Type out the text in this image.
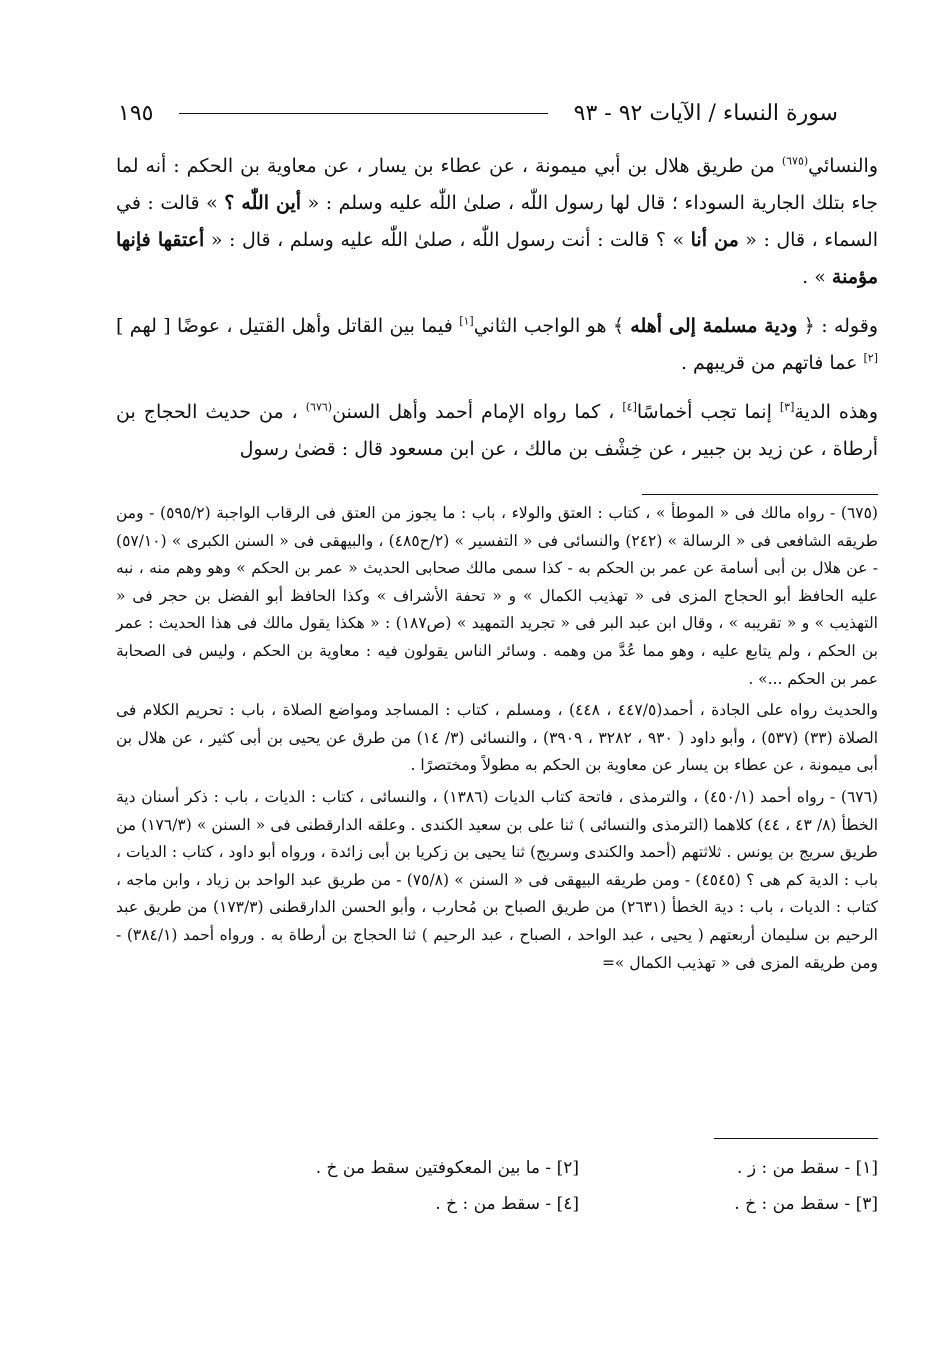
سورة النساء / الآيات ٩٢ - ٩٣
١٩٥

والنسائي$^{(٦٧٥)}$ من طريق هلال بن أبي ميمونة ، عن عطاء بن يسار ، عن معاوية بن الحكم : أنه لما جاء بتلك الجارية السوداء ؛ قال لها رسول اللّٰه ، صلىٰ اللّٰه عليه وسلم : « أين اللّٰه ؟ » قالت : في السماء ، قال : « من أنا » ؟ قالت : أنت رسول اللّٰه ، صلىٰ اللّٰه عليه وسلم ، قال : « أعتقها فإنها مؤمنة » .

وقوله : ﴿ ودية مسلمة إلى أهله ﴾ هو الواجب الثاني[١] فيما بين القاتل وأهل القتيل ، عوضًا [ لهم ][٢] عما فاتهم من قريبهم .

وهذه الدية[٣] إنما تجب أخماسًا[٤] ، كما رواه الإمام أحمد وأهل السنن$^{(٦٧٦)}$ ، من حديث الحجاج بن أرطاة ، عن زيد بن جبير ، عن خِشْف بن مالك ، عن ابن مسعود قال : قضىٰ رسول

(٦٧٥) - رواه مالك فى « الموطأ » ، كتاب : العتق والولاء ، باب : ما يجوز من العتق فى الرقاب الواجبة (٥٩٥/٢) - ومن طريقه الشافعى فى « الرسالة » (٢٤٢) والنسائى فى « التفسير » (٢/ح٤٨٥) ، والبيهقى فى « السنن الكبرى » (٥٧/١٠) - عن هلال بن أبى أسامة عن عمر بن الحكم به - كذا سمى مالك صحابى الحديث « عمر بن الحكم » وهو وهم منه ، نبه عليه الحافظ أبو الحجاج المزى فى « تهذيب الكمال » و « تحفة الأشراف » وكذا الحافظ أبو الفضل بن حجر فى « التهذيب » و « تقريبه » ، وقال ابن عبد البر فى « تجريد التمهيد » (ص١٨٧) : « هكذا يقول مالك فى هذا الحديث : عمر بن الحكم ، ولم يتابع عليه ، وهو مما عُدَّ من وهمه . وسائر الناس يقولون فيه : معاوية بن الحكم ، وليس فى الصحابة عمر بن الحكم ...» .

والحديث رواه على الجادة ، أحمد(٤٤٧/٥ ، ٤٤٨) ، ومسلم ، كتاب : المساجد ومواضع الصلاة ، باب : تحريم الكلام فى الصلاة (٣٣) (٥٣٧) ، وأبو داود ( ٩٣٠ ، ٣٢٨٢ ، ٣٩٠٩) ، والنسائى (٣/ ١٤) من طرق عن يحيى بن أبى كثير ، عن هلال بن أبى ميمونة ، عن عطاء بن يسار عن معاوية بن الحكم به مطولاً ومختصرًا .

(٦٧٦) - رواه أحمد (٤٥٠/١) ، والترمذى ، فاتحة كتاب الديات (١٣٨٦) ، والنسائى ، كتاب : الديات ، باب : ذكر أسنان دية الخطأ (٨/ ٤٣ ، ٤٤) كلاهما (الترمذى والنسائى ) ثنا على بن سعيد الكندى . وعلقه الدارقطنى فى « السنن » (١٧٦/٣) من طريق سريج بن يونس . ثلاثتهم (أحمد والكندى وسريج) ثنا يحيى بن زكريا بن أبى زائدة ، ورواه أبو داود ، كتاب : الديات ، باب : الدية كم هى ؟ (٤٥٤٥) - ومن طريقه البيهقى فى « السنن » (٧٥/٨) - من طريق عبد الواحد بن زياد ، وابن ماجه ، كتاب : الديات ، باب : دية الخطأ (٢٦٣١) من طريق الصباح بن مُحارب ، وأبو الحسن الدارقطنى (١٧٣/٣) من طريق عبد الرحيم بن سليمان أربعتهم ( يحيى ، عبد الواحد ، الصباح ، عبد الرحيم ) ثنا الحجاج بن أرطاة به . ورواه أحمد (٣٨٤/١) - ومن طريقه المزى فى « تهذيب الكمال »=

[١] - سقط من : ز .
[٢] - ما بين المعكوفتين سقط من خ .
[٣] - سقط من : خ .
[٤] - سقط من : خ .
